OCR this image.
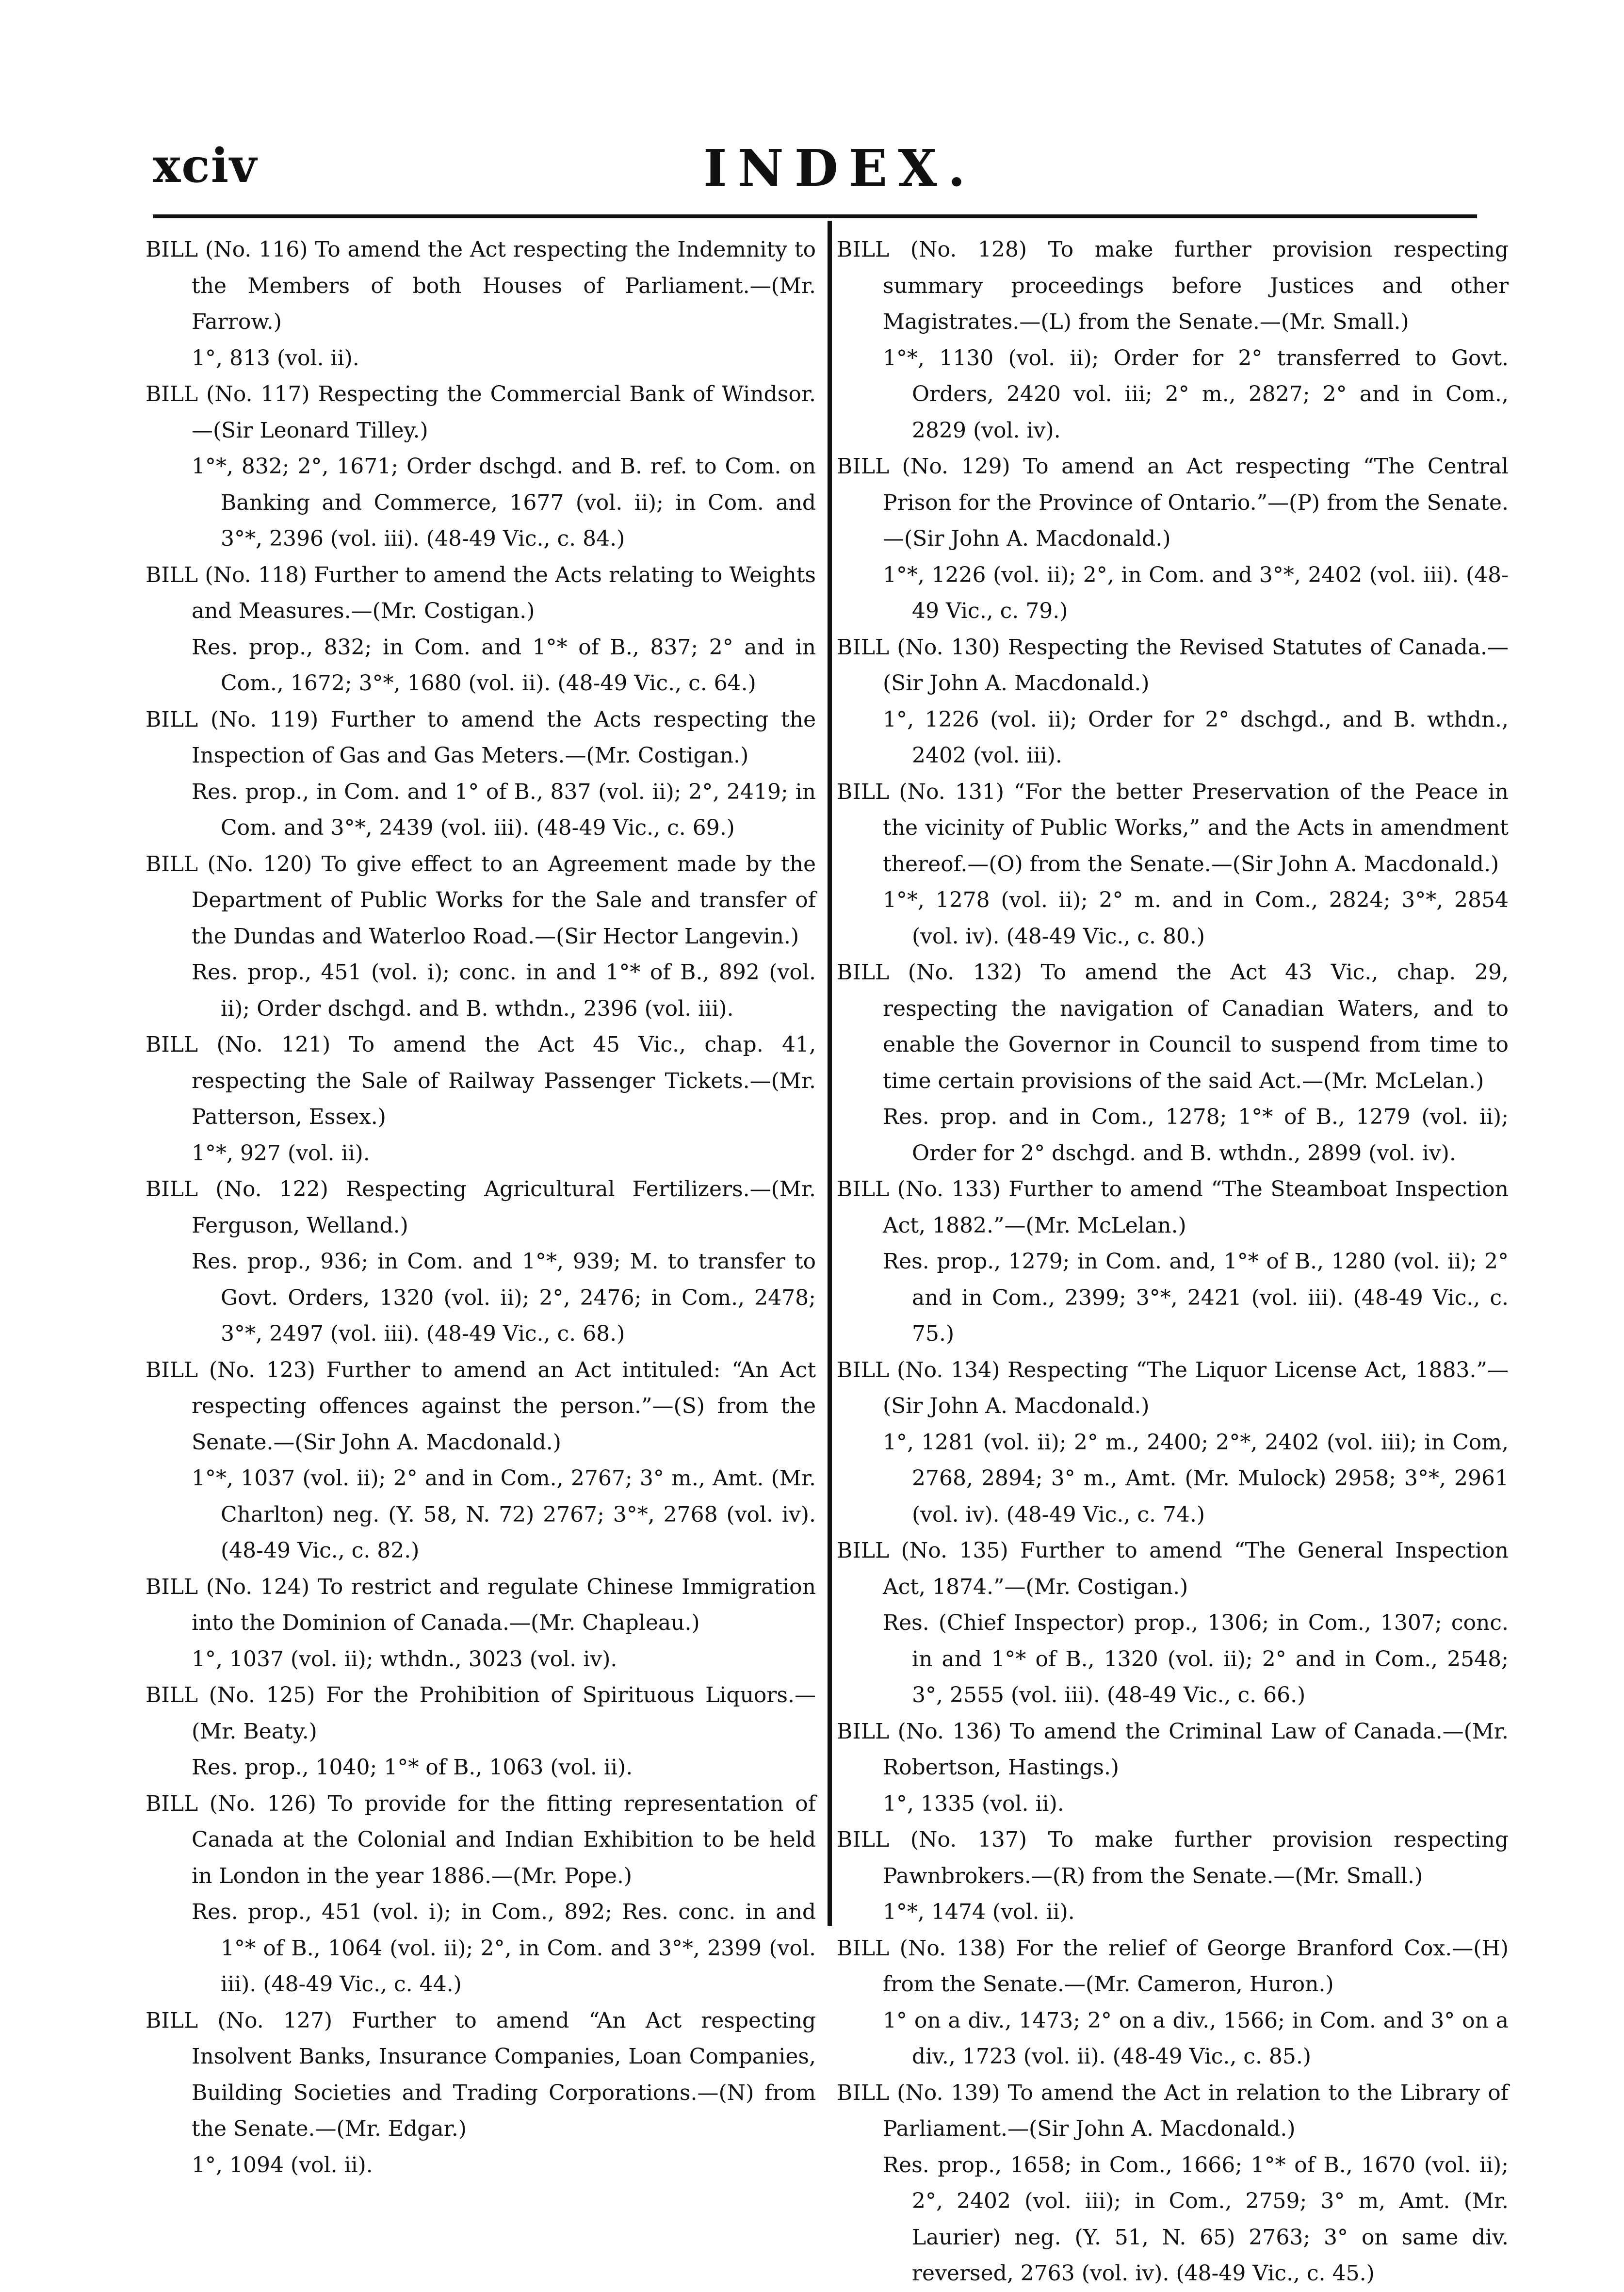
xciv	INDEX.

BILL (No. 116) To amend the Act respecting the Indemnity to the Members of both Houses of Parliament.—(Mr. Farrow.)

1°, 813 (vol. ii).

BILL (No. 117) Respecting the Commercial Bank of Windsor.—(Sir Leonard Tilley.)

1°*, 832; 2°, 1671; Order dschgd. and B. ref. to Com. on Banking and Commerce, 1677 (vol. ii); in Com. and 3°*, 2396 (vol. iii). (48-49 Vic., c. 84.)

BILL (No. 118) Further to amend the Acts relating to Weights and Measures.—(Mr. Costigan.)

Res. prop., 832; in Com. and 1°* of B., 837; 2° and in Com., 1672; 3°*, 1680 (vol. ii). (48-49 Vic., c. 64.)

BILL (No. 119) Further to amend the Acts respecting the Inspection of Gas and Gas Meters.—(Mr. Costigan.)

Res. prop., in Com. and 1° of B., 837 (vol. ii); 2°, 2419; in Com. and 3°*, 2439 (vol. iii). (48-49 Vic., c. 69.)

BILL (No. 120) To give effect to an Agreement made by the Department of Public Works for the Sale and transfer of the Dundas and Waterloo Road.—(Sir Hector Langevin.)

Res. prop., 451 (vol. i); conc. in and 1°* of B., 892 (vol. ii); Order dschgd. and B. wthdn., 2396 (vol. iii).

BILL (No. 121) To amend the Act 45 Vic., chap. 41, respecting the Sale of Railway Passenger Tickets.—(Mr. Patterson, Essex.)

1°*, 927 (vol. ii).

BILL (No. 122) Respecting Agricultural Fertilizers.—(Mr. Ferguson, Welland.)

Res. prop., 936; in Com. and 1°*, 939; M. to transfer to Govt. Orders, 1320 (vol. ii); 2°, 2476; in Com., 2478; 3°*, 2497 (vol. iii). (48-49 Vic., c. 68.)

BILL (No. 123) Further to amend an Act intituled: “An Act respecting offences against the person.”—(S) from the Senate.—(Sir John A. Macdonald.)

1°*, 1037 (vol. ii); 2° and in Com., 2767; 3° m., Amt. (Mr. Charlton) neg. (Y. 58, N. 72) 2767; 3°*, 2768 (vol. iv). (48-49 Vic., c. 82.)

BILL (No. 124) To restrict and regulate Chinese Immigration into the Dominion of Canada.—(Mr. Chapleau.)

1°, 1037 (vol. ii); wthdn., 3023 (vol. iv).

BILL (No. 125) For the Prohibition of Spirituous Liquors.—(Mr. Beaty.)

Res. prop., 1040; 1°* of B., 1063 (vol. ii).

BILL (No. 126) To provide for the fitting representation of Canada at the Colonial and Indian Exhibition to be held in London in the year 1886.—(Mr. Pope.)

Res. prop., 451 (vol. i); in Com., 892; Res. conc. in and 1°* of B., 1064 (vol. ii); 2°, in Com. and 3°*, 2399 (vol. iii). (48-49 Vic., c. 44.)

BILL (No. 127) Further to amend “An Act respecting Insolvent Banks, Insurance Companies, Loan Companies, Building Societies and Trading Corporations.—(N) from the Senate.—(Mr. Edgar.)

1°, 1094 (vol. ii).

BILL (No. 128) To make further provision respecting summary proceedings before Justices and other Magistrates.—(L) from the Senate.—(Mr. Small.)

1°*, 1130 (vol. ii); Order for 2° transferred to Govt. Orders, 2420 vol. iii; 2° m., 2827; 2° and in Com., 2829 (vol. iv).

BILL (No. 129) To amend an Act respecting “The Central Prison for the Province of Ontario.”—(P) from the Senate.—(Sir John A. Macdonald.)

1°*, 1226 (vol. ii); 2°, in Com. and 3°*, 2402 (vol. iii). (48-49 Vic., c. 79.)

BILL (No. 130) Respecting the Revised Statutes of Canada.—(Sir John A. Macdonald.)

1°, 1226 (vol. ii); Order for 2° dschgd., and B. wthdn., 2402 (vol. iii).

BILL (No. 131) “For the better Preservation of the Peace in the vicinity of Public Works,” and the Acts in amendment thereof.—(O) from the Senate.—(Sir John A. Macdonald.)

1°*, 1278 (vol. ii); 2° m. and in Com., 2824; 3°*, 2854 (vol. iv). (48-49 Vic., c. 80.)

BILL (No. 132) To amend the Act 43 Vic., chap. 29, respecting the navigation of Canadian Waters, and to enable the Governor in Council to suspend from time to time certain provisions of the said Act.—(Mr. McLelan.)

Res. prop. and in Com., 1278; 1°* of B., 1279 (vol. ii); Order for 2° dschgd. and B. wthdn., 2899 (vol. iv).

BILL (No. 133) Further to amend “The Steamboat Inspection Act, 1882.”—(Mr. McLelan.)

Res. prop., 1279; in Com. and, 1°* of B., 1280 (vol. ii); 2° and in Com., 2399; 3°*, 2421 (vol. iii). (48-49 Vic., c. 75.)

BILL (No. 134) Respecting “The Liquor License Act, 1883.”—(Sir John A. Macdonald.)

1°, 1281 (vol. ii); 2° m., 2400; 2°*, 2402 (vol. iii); in Com, 2768, 2894; 3° m., Amt. (Mr. Mulock) 2958; 3°*, 2961 (vol. iv). (48-49 Vic., c. 74.)

BILL (No. 135) Further to amend “The General Inspection Act, 1874.”—(Mr. Costigan.)

Res. (Chief Inspector) prop., 1306; in Com., 1307; conc. in and 1°* of B., 1320 (vol. ii); 2° and in Com., 2548; 3°, 2555 (vol. iii). (48-49 Vic., c. 66.)

BILL (No. 136) To amend the Criminal Law of Canada.—(Mr. Robertson, Hastings.)

1°, 1335 (vol. ii).

BILL (No. 137) To make further provision respecting Pawnbrokers.—(R) from the Senate.—(Mr. Small.)

1°*, 1474 (vol. ii).

BILL (No. 138) For the relief of George Branford Cox.—(H) from the Senate.—(Mr. Cameron, Huron.)

1° on a div., 1473; 2° on a div., 1566; in Com. and 3° on a div., 1723 (vol. ii). (48-49 Vic., c. 85.)

BILL (No. 139) To amend the Act in relation to the Library of Parliament.—(Sir John A. Macdonald.)

Res. prop., 1658; in Com., 1666; 1°* of B., 1670 (vol. ii); 2°, 2402 (vol. iii); in Com., 2759; 3° m, Amt. (Mr. Laurier) neg. (Y. 51, N. 65) 2763; 3° on same div. reversed, 2763 (vol. iv). (48-49 Vic., c. 45.)
